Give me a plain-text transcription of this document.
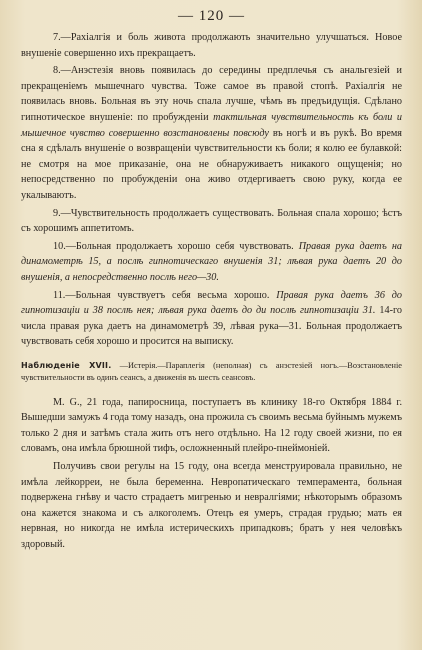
— 120 —

7.—Рахіалгія и боль живота продолжають значительно улучшаться. Новое внушеніе совершенно ихъ прекращаетъ.

8.—Анэстезія вновь появилась до середины предплечья съ анальгезіей и прекращеніемъ мышечнаго чувства. Тоже самое въ правой стопѣ. Рахіалгія не появилась вновь. Больная въ эту ночь спала лучше, чѣмъ въ предъидущія. Сдѣлано гипнотическое внушеніе: по пробужденіи тактильная чувствительность къ боли и мышечное чувство совершенно возстановлены повсюду въ ногѣ и въ рукѣ. Во время сна я сдѣлалъ внушеніе о возвращеніи чувствительности къ боли; я колю ее булавкой: не смотря на мое приказаніе, она не обнаруживаетъ никакого ощущенія; но непосредственно по пробужденіи она живо отдергиваетъ свою руку, когда ее укалываютъ.

9.—Чувствительность продолжаетъ существовать. Больная спала хорошо; ѣстъ съ хорошимъ аппетитомъ.

10.—Больная продолжаетъ хорошо себя чувствовать. Правая рука даетъ на динамометрѣ 15, а послѣ гипнотическаго внушенія 31; лѣвая рука даетъ 20 до внушенія, а непосредственно послѣ него—30.

11.—Больная чувствуетъ себя весьма хорошо. Правая рука даетъ 36 до гипнотизаціи и 38 послѣ нея; лѣвая рука даетъ до ди послѣ гипнотизаціи 31. 14-го числа правая рука даетъ на динамометрѣ 39, лѣвая рука—31. Больная продолжаетъ чувствовать себя хорошо и просится на выписку.

Наблюденіе XVII. —Истерія.—Параплегія (неполная) съ анэстезіей ногъ.—Возстановленіе чувствительности въ одинъ сеансъ, а движенія въ шесть сеансовъ.

M. G., 21 года, папиросница, поступаетъ въ клинику 18-го Октября 1884 г. Вышедши замужъ 4 года тому назадъ, она прожила съ своимъ весьма буйнымъ мужемъ только 2 дня и затѣмъ стала жить отъ него отдѣльно. На 12 году своей жизни, по ея словамъ, она имѣла брюшной тифъ, осложненный плейро-пнеймоніей.

Получивъ свои регулы на 15 году, она всегда менструировала правильно, не имѣла лейкорреи, не была беременна. Невропатическаго темперамента, больная подвержена гнѣву и часто страдаетъ мигренью и невралгіями; нѣкоторымъ образомъ она кажется знакома и съ алкоголемъ. Отецъ ея умеръ, страдая грудью; мать ея нервная, но никогда не имѣла истерическихъ припадковъ; братъ у нея человѣкъ здоровый.
